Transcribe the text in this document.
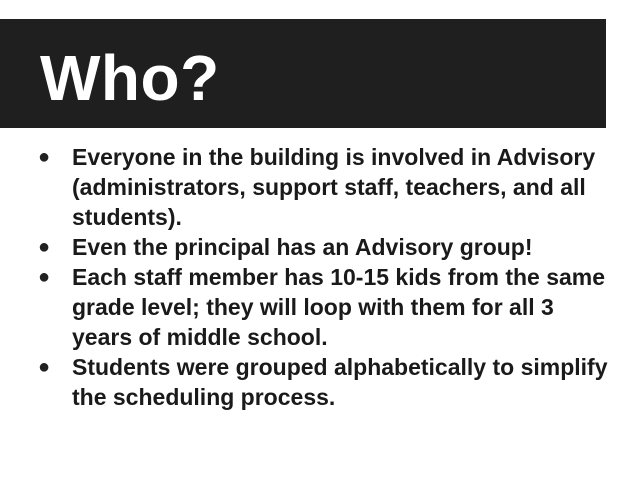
Who?
● Everyone in the building is involved in Advisory (administrators, support staff, teachers, and all students).
● Even the principal has an Advisory group!
● Each staff member has 10-15 kids from the same grade level; they will loop with them for all 3 years of middle school.
● Students were grouped alphabetically to simplify the scheduling process.
